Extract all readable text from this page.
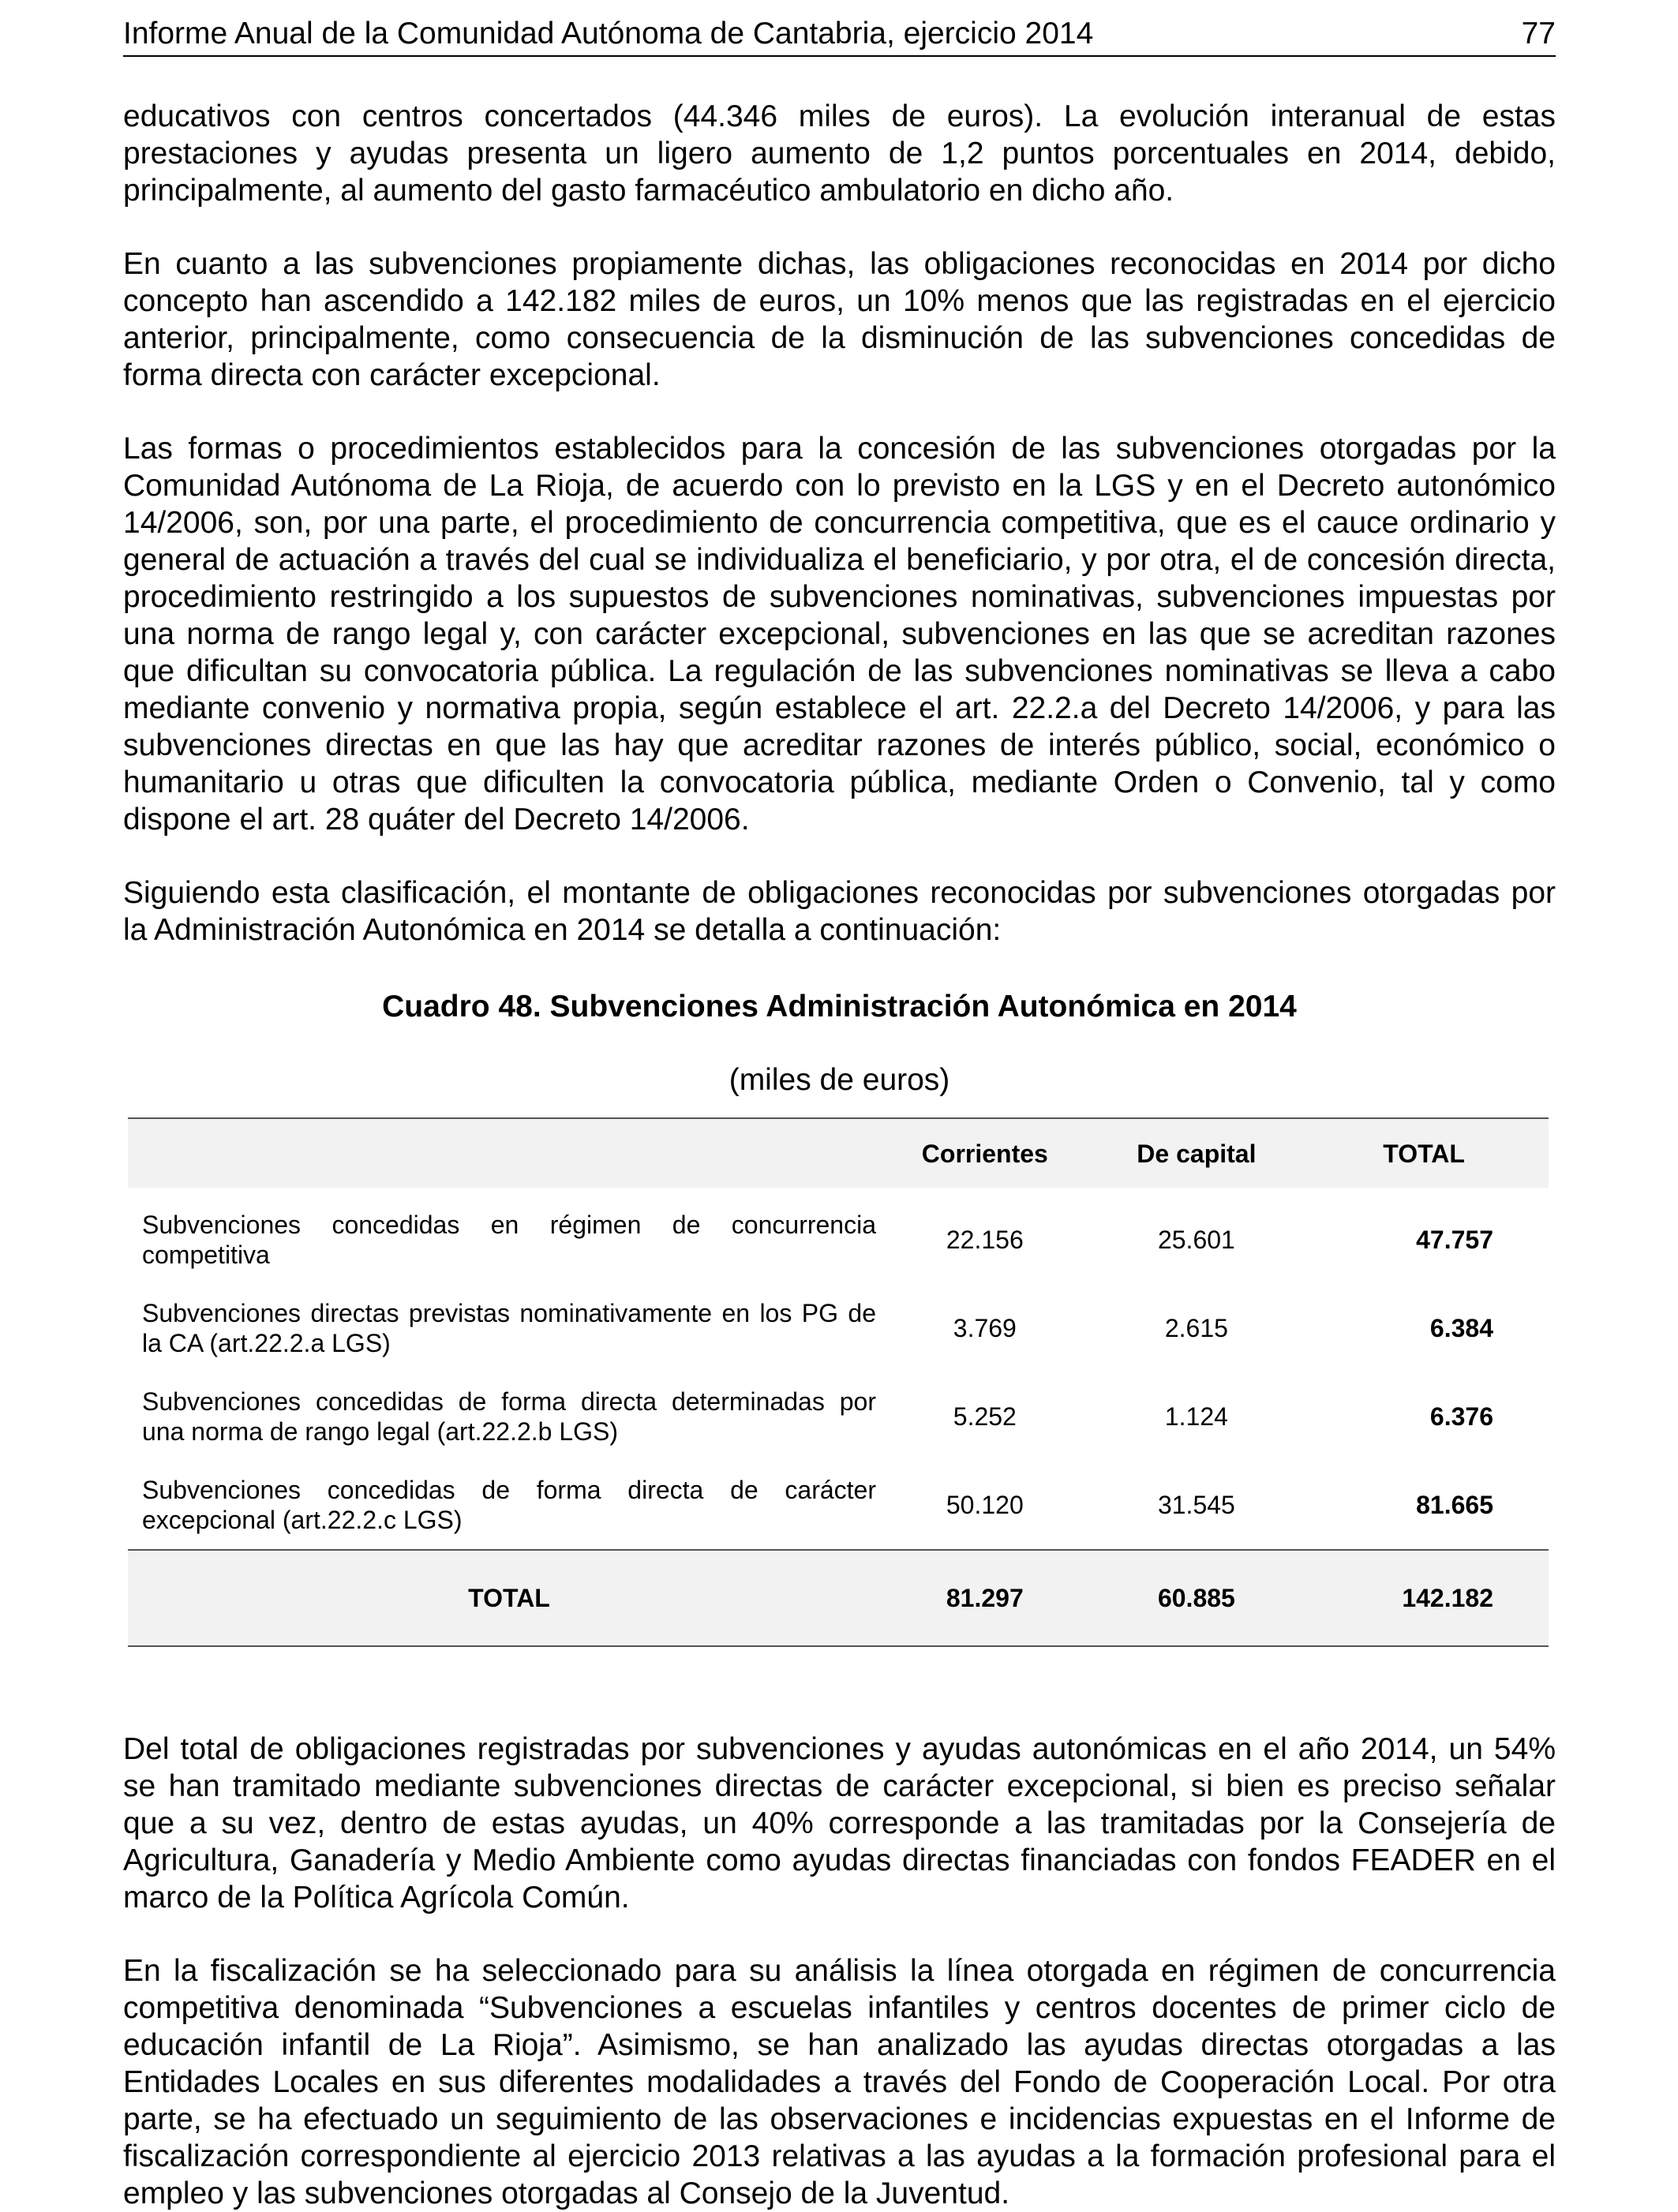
Informe Anual de la Comunidad Autónoma de Cantabria, ejercicio 2014	77

educativos con centros concertados (44.346 miles de euros). La evolución interanual de estas prestaciones y ayudas presenta un ligero aumento de 1,2 puntos porcentuales en 2014, debido, principalmente, al aumento del gasto farmacéutico ambulatorio en dicho año.

En cuanto a las subvenciones propiamente dichas, las obligaciones reconocidas en 2014 por dicho concepto han ascendido a 142.182 miles de euros, un 10% menos que las registradas en el ejercicio anterior, principalmente, como consecuencia de la disminución de las subvenciones concedidas de forma directa con carácter excepcional.

Las formas o procedimientos establecidos para la concesión de las subvenciones otorgadas por la Comunidad Autónoma de La Rioja, de acuerdo con lo previsto en la LGS y en el Decreto autonómico 14/2006, son, por una parte, el procedimiento de concurrencia competitiva, que es el cauce ordinario y general de actuación a través del cual se individualiza el beneficiario, y por otra, el de concesión directa, procedimiento restringido a los supuestos de subvenciones nominativas, subvenciones impuestas por una norma de rango legal y, con carácter excepcional, subvenciones en las que se acreditan razones que dificultan su convocatoria pública. La regulación de las subvenciones nominativas se lleva a cabo mediante convenio y normativa propia, según establece el art. 22.2.a del Decreto 14/2006, y para las subvenciones directas en que las hay que acreditar razones de interés público, social, económico o humanitario u otras que dificulten la convocatoria pública, mediante Orden o Convenio, tal y como dispone el art. 28 quáter del Decreto 14/2006.

Siguiendo esta clasificación, el montante de obligaciones reconocidas por subvenciones otorgadas por la Administración Autonómica en 2014 se detalla a continuación:

Cuadro 48. Subvenciones Administración Autonómica en 2014
(miles de euros)
	Corrientes	De capital	TOTAL

Subvenciones concedidas en régimen de concurrencia competitiva	22.156	25.601	47.757
Subvenciones directas previstas nominativamente en los PG de la CA (art.22.2.a LGS)	3.769	2.615	6.384
Subvenciones concedidas de forma directa determinadas por una norma de rango legal (art.22.2.b LGS)	5.252	1.124	6.376
Subvenciones concedidas de forma directa de carácter excepcional (art.22.2.c LGS)	50.120	31.545	81.665
TOTAL	81.297	60.885	142.182

Del total de obligaciones registradas por subvenciones y ayudas autonómicas en el año 2014, un 54% se han tramitado mediante subvenciones directas de carácter excepcional, si bien es preciso señalar que a su vez, dentro de estas ayudas, un 40% corresponde a las tramitadas por la Consejería de Agricultura, Ganadería y Medio Ambiente como ayudas directas financiadas con fondos FEADER en el marco de la Política Agrícola Común.

En la fiscalización se ha seleccionado para su análisis la línea otorgada en régimen de concurrencia competitiva denominada “Subvenciones a escuelas infantiles y centros docentes de primer ciclo de educación infantil de La Rioja”. Asimismo, se han analizado las ayudas directas otorgadas a las Entidades Locales en sus diferentes modalidades a través del Fondo de Cooperación Local. Por otra parte, se ha efectuado un seguimiento de las observaciones e incidencias expuestas en el Informe de fiscalización correspondiente al ejercicio 2013 relativas a las ayudas a la formación profesional para el empleo y las subvenciones otorgadas al Consejo de la Juventud.
